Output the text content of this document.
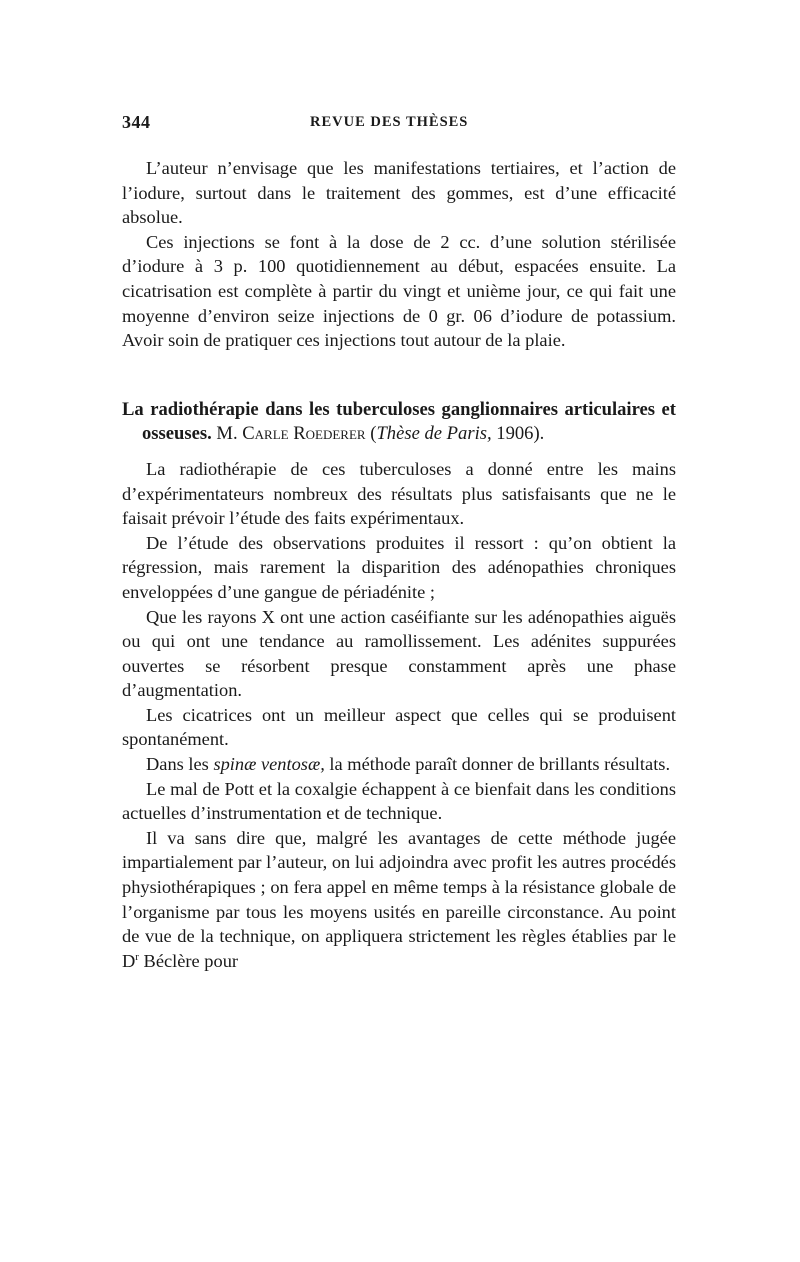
344	REVUE DES THÈSES

L’auteur n’envisage que les manifestations tertiaires, et l’action de l’iodure, surtout dans le traitement des gommes, est d’une efficacité absolue.

Ces injections se font à la dose de 2 cc. d’une solution stérilisée d’iodure à 3 p. 100 quotidiennement au début, espacées ensuite. La cicatrisation est complète à partir du vingt et unième jour, ce qui fait une moyenne d’environ seize injections de 0 gr. 06 d’iodure de potassium. Avoir soin de pratiquer ces injections tout autour de la plaie.

La radiothérapie dans les tuberculoses ganglionnaires articulaires et osseuses. M. Carle Roederer (Thèse de Paris, 1906).

La radiothérapie de ces tuberculoses a donné entre les mains d’expérimentateurs nombreux des résultats plus satisfaisants que ne le faisait prévoir l’étude des faits expérimentaux.

De l’étude des observations produites il ressort : qu’on obtient la régression, mais rarement la disparition des adénopathies chroniques enveloppées d’une gangue de périadénite ;

Que les rayons X ont une action caséifiante sur les adénopathies aiguës ou qui ont une tendance au ramollissement. Les adénites suppurées ouvertes se résorbent presque constamment après une phase d’augmentation.

Les cicatrices ont un meilleur aspect que celles qui se produisent spontanément.

Dans les spinæ ventosæ, la méthode paraît donner de brillants résultats.

Le mal de Pott et la coxalgie échappent à ce bienfait dans les conditions actuelles d’instrumentation et de technique.

Il va sans dire que, malgré les avantages de cette méthode jugée impartialement par l’auteur, on lui adjoindra avec profit les autres procédés physiothérapiques ; on fera appel en même temps à la résistance globale de l’organisme par tous les moyens usités en pareille circonstance. Au point de vue de la technique, on appliquera strictement les règles établies par le $D^r$ Béclère pour
